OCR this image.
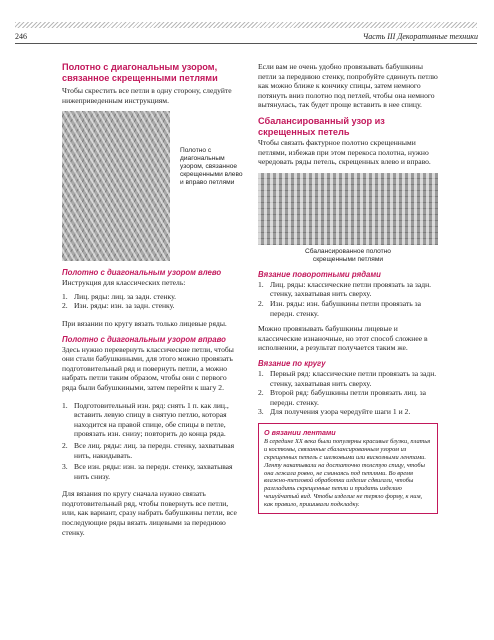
246	Часть III Декоративные техники
Полотно с диагональным узором, связанное скрещенными петлями

Чтобы скрестить все петли в одну сторону, следуйте нижеприведенным инструкциям.

Полотно с диагональным узором, связанное скрещенными влево и вправо петлями
Полотно с диагональным узором влево

Инструкция для классических петель:

1. Лиц. ряды: лиц. за задн. стенку.
2. Изн. ряды: изн. за задн. стенку.

При вязании по кругу вязать только лицевые ряды.

Полотно с диагональным узором вправо

Здесь нужно перевернуть классические петли, чтобы они стали бабушкиными, для этого можно провязать подготовительный ряд и повернуть петли, а можно набрать петли таким образом, чтобы они с первого ряда были бабушкиными, затем перейти к шагу 2.

1. Подготовительный изн. ряд: снять 1 п. как лиц., вставить левую спицу в снятую петлю, которая находится на правой спице, обе спицы в петле, провязать изн. снизу; повторить до конца ряда.
2. Все лиц. ряды: лиц. за передн. стенку, захватывая нить, накидывать.
3. Все изн. ряды: изн. за передн. стенку, захватывая нить снизу.

Для вязания по кругу сначала нужно связать подготовительный ряд, чтобы повернуть все петли, или, как вариант, сразу набрать бабушкины петли, все последующие ряды вязать лицевыми за переднюю стенку.

Если вам не очень удобно провязывать бабушкины петли за переднюю стенку, попробуйте сдвинуть петлю как можно ближе к кончику спицы, затем немного потянуть вниз полотно под петлей, чтобы она немного вытянулась, так будет проще вставить в нее спицу.

Сбалансированный узор из скрещенных петель

Чтобы связать фактурное полотно скрещенными петлями, избежав при этом перекоса полотна, нужно чередовать ряды петель, скрещенных влево и вправо.

Сбалансированное полотно скрещенными петлями
Вязание поворотными рядами
1. Лиц. ряды: классические петли провязать за задн. стенку, захватывая нить сверху.
2. Изн. ряды: изн. бабушкины петли провязать за передн. стенку.

Можно провязывать бабушкины лицевые и классические изнаночные, но этот способ сложнее в исполнении, а результат получается таким же.

Вязание по кругу
1. Первый ряд: классические петли провязать за задн. стенку, захватывая нить сверху.
2. Второй ряд: бабушкины петли провязать лиц. за передн. стенку.
3. Для получения узора чередуйте шаги 1 и 2.
О вязании лентами

В середине XX века были популярны красивые блузки, платья и костюмы, связанные сбалансированным узором из скрещенных петель с шелковыми или вискозными лентами. Ленту накатывали на достаточно толстую спицу, чтобы она лежала ровно, не сминаясь под петлями. Во время влажно-тепловой обработки изделие сдвигали, чтобы разгладить скрещенные петли и придать изделию чешуйчатый вид. Чтобы изделие не теряло форму, к ним, как правило, пришивали подкладку.
